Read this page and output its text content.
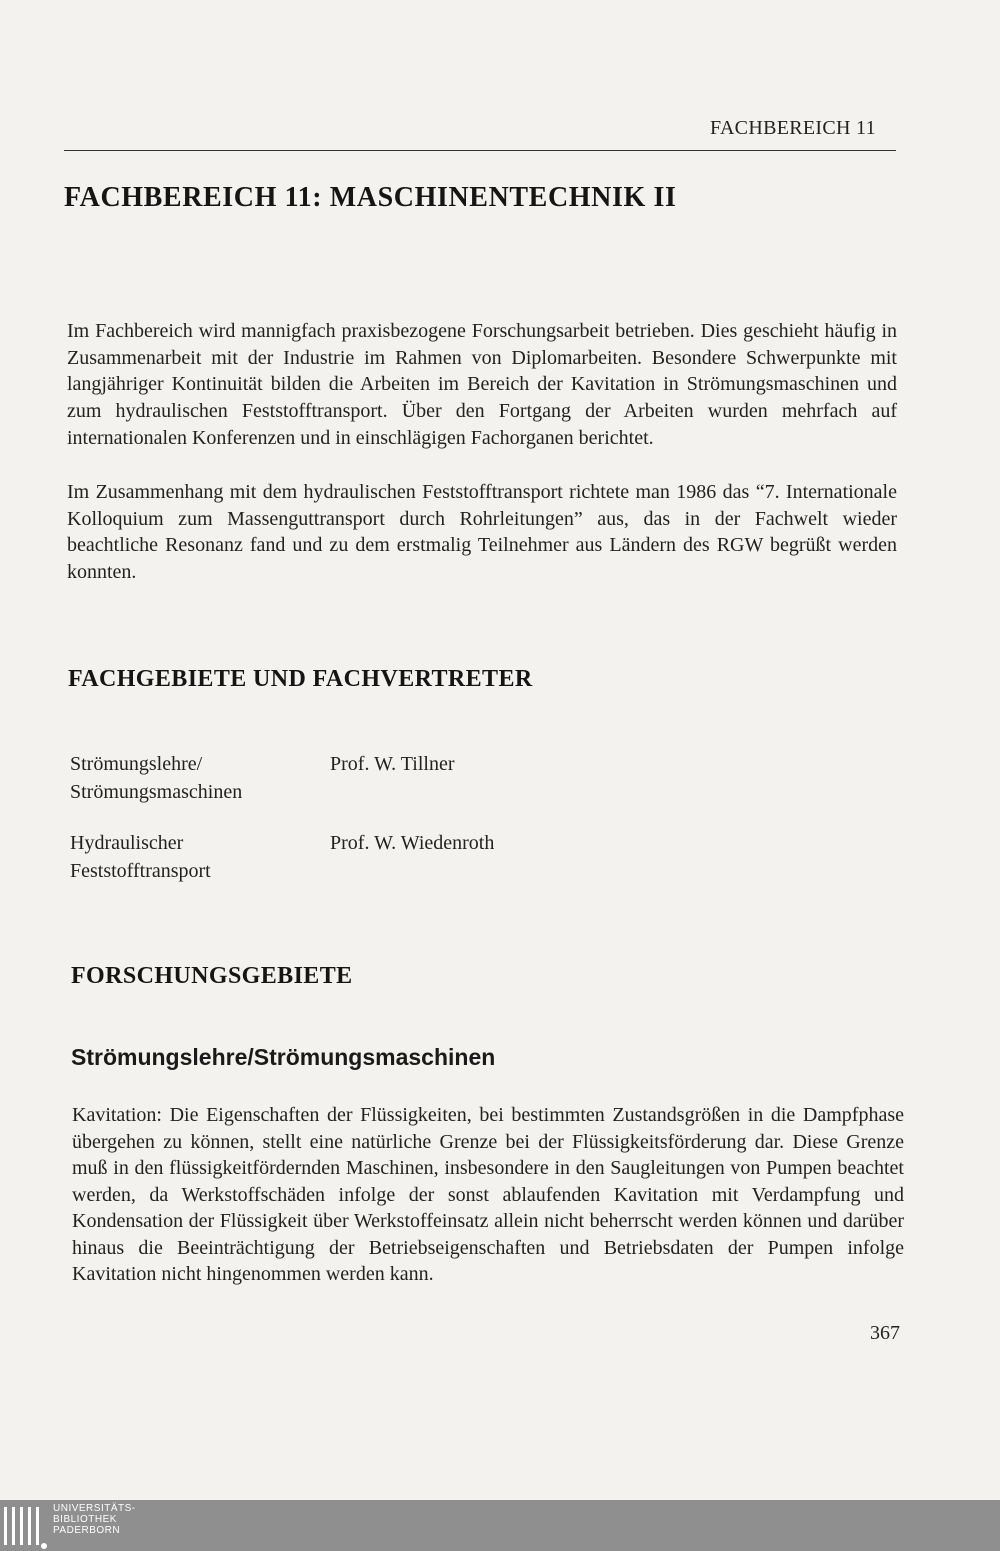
FACHBEREICH 11
FACHBEREICH 11: MASCHINENTECHNIK II

Im Fachbereich wird mannigfach praxisbezogene Forschungsarbeit betrieben. Dies geschieht häufig in Zusammenarbeit mit der Industrie im Rahmen von Diplomarbeiten. Besondere Schwerpunkte mit langjähriger Kontinuität bilden die Arbeiten im Bereich der Kavitation in Strömungsmaschinen und zum hydraulischen Feststofftransport. Über den Fortgang der Arbeiten wurden mehrfach auf internationalen Konferenzen und in einschlägigen Fachorganen berichtet.

Im Zusammenhang mit dem hydraulischen Feststofftransport richtete man 1986 das “7. Internationale Kolloquium zum Massenguttransport durch Rohrleitungen” aus, das in der Fachwelt wieder beachtliche Resonanz fand und zu dem erstmalig Teilnehmer aus Ländern des RGW begrüßt werden konnten.

FACHGEBIETE UND FACHVERTRETER
Strömungslehre/
Strömungsmaschinen
Prof. W. Tillner
Hydraulischer
Feststofftransport
Prof. W. Wiedenroth
FORSCHUNGSGEBIETE
Strömungslehre/Strömungsmaschinen

Kavitation: Die Eigenschaften der Flüssigkeiten, bei bestimmten Zustandsgrößen in die Dampfphase übergehen zu können, stellt eine natürliche Grenze bei der Flüssigkeitsförderung dar. Diese Grenze muß in den flüssigkeitfördernden Maschinen, insbesondere in den Saugleitungen von Pumpen beachtet werden, da Werkstoffschäden infolge der sonst ablaufenden Kavitation mit Verdampfung und Kondensation der Flüssigkeit über Werkstoffeinsatz allein nicht beherrscht werden können und darüber hinaus die Beeinträchtigung der Betriebseigenschaften und Betriebsdaten der Pumpen infolge Kavitation nicht hingenommen werden kann.

367
UNIVERSITÄTS-
BIBLIOTHEK
PADERBORN
